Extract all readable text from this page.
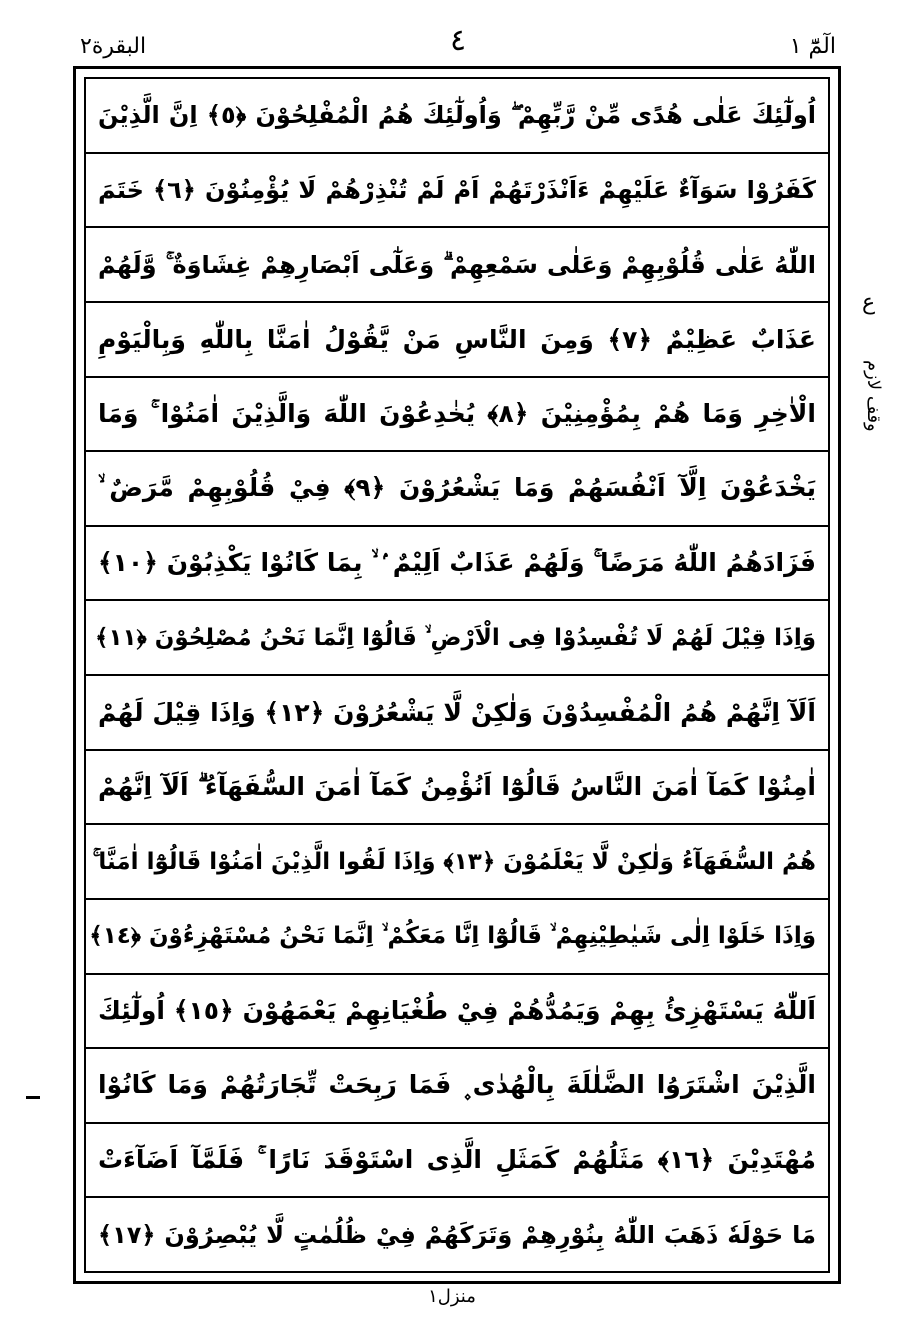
البقرة٢	٤	الٓمّٓ ١
اُولٰٓئِكَ عَلٰى هُدًى مِّنْ رَّبِّهِمْ ۖ وَاُولٰٓئِكَ هُمُ الْمُفْلِحُوْنَ ﴿٥﴾ اِنَّ الَّذِيْنَ
كَفَرُوْا سَوَآءٌ عَلَيْهِمْ ءَاَنْذَرْتَهُمْ اَمْ لَمْ تُنْذِرْهُمْ لَا يُؤْمِنُوْنَ ﴿٦﴾ خَتَمَ
اللّٰهُ عَلٰى قُلُوْبِهِمْ وَعَلٰى سَمْعِهِمْ ۗ وَعَلٰٓى اَبْصَارِهِمْ غِشَاوَةٌ ۚ وَّلَهُمْ
عَذَابٌ عَظِيْمٌ ﴿٧﴾ وَمِنَ النَّاسِ مَنْ يَّقُوْلُ اٰمَنَّا بِاللّٰهِ وَبِالْيَوْمِ
الْاٰخِرِ وَمَا هُمْ بِمُؤْمِنِيْنَ ﴿٨﴾ يُخٰدِعُوْنَ اللّٰهَ وَالَّذِيْنَ اٰمَنُوْا ۚ وَمَا
يَخْدَعُوْنَ اِلَّآ اَنْفُسَهُمْ وَمَا يَشْعُرُوْنَ ﴿٩﴾ فِيْ قُلُوْبِهِمْ مَّرَضٌ ۙ
فَزَادَهُمُ اللّٰهُ مَرَضًا ۚ وَلَهُمْ عَذَابٌ اَلِيْمٌ ۢ ۙ بِمَا كَانُوْا يَكْذِبُوْنَ ﴿١٠﴾
وَاِذَا قِيْلَ لَهُمْ لَا تُفْسِدُوْا فِى الْاَرْضِ ۙ قَالُوْٓا اِنَّمَا نَحْنُ مُصْلِحُوْنَ ﴿١١﴾
اَلَآ اِنَّهُمْ هُمُ الْمُفْسِدُوْنَ وَلٰكِنْ لَّا يَشْعُرُوْنَ ﴿١٢﴾ وَاِذَا قِيْلَ لَهُمْ
اٰمِنُوْا كَمَآ اٰمَنَ النَّاسُ قَالُوْٓا اَنُؤْمِنُ كَمَآ اٰمَنَ السُّفَهَآءُ ۗ اَلَآ اِنَّهُمْ
هُمُ السُّفَهَآءُ وَلٰكِنْ لَّا يَعْلَمُوْنَ ﴿١٣﴾ وَاِذَا لَقُوا الَّذِيْنَ اٰمَنُوْا قَالُوْٓا اٰمَنَّا ۚ
وَاِذَا خَلَوْا اِلٰى شَيٰطِيْنِهِمْ ۙ قَالُوْٓا اِنَّا مَعَكُمْ ۙ اِنَّمَا نَحْنُ مُسْتَهْزِءُوْنَ ﴿١٤﴾
اَللّٰهُ يَسْتَهْزِئُ بِهِمْ وَيَمُدُّهُمْ فِيْ طُغْيَانِهِمْ يَعْمَهُوْنَ ﴿١٥﴾ اُولٰٓئِكَ
الَّذِيْنَ اشْتَرَوُا الضَّلٰلَةَ بِالْهُدٰى ۪ فَمَا رَبِحَتْ تِّجَارَتُهُمْ وَمَا كَانُوْا
مُهْتَدِيْنَ ﴿١٦﴾ مَثَلُهُمْ كَمَثَلِ الَّذِى اسْتَوْقَدَ نَارًا ۚ فَلَمَّآ اَضَآءَتْ
مَا حَوْلَهٗ ذَهَبَ اللّٰهُ بِنُوْرِهِمْ وَتَرَكَهُمْ فِيْ ظُلُمٰتٍ لَّا يُبْصِرُوْنَ ﴿١٧﴾
ع
وقف لازم
منزل١
